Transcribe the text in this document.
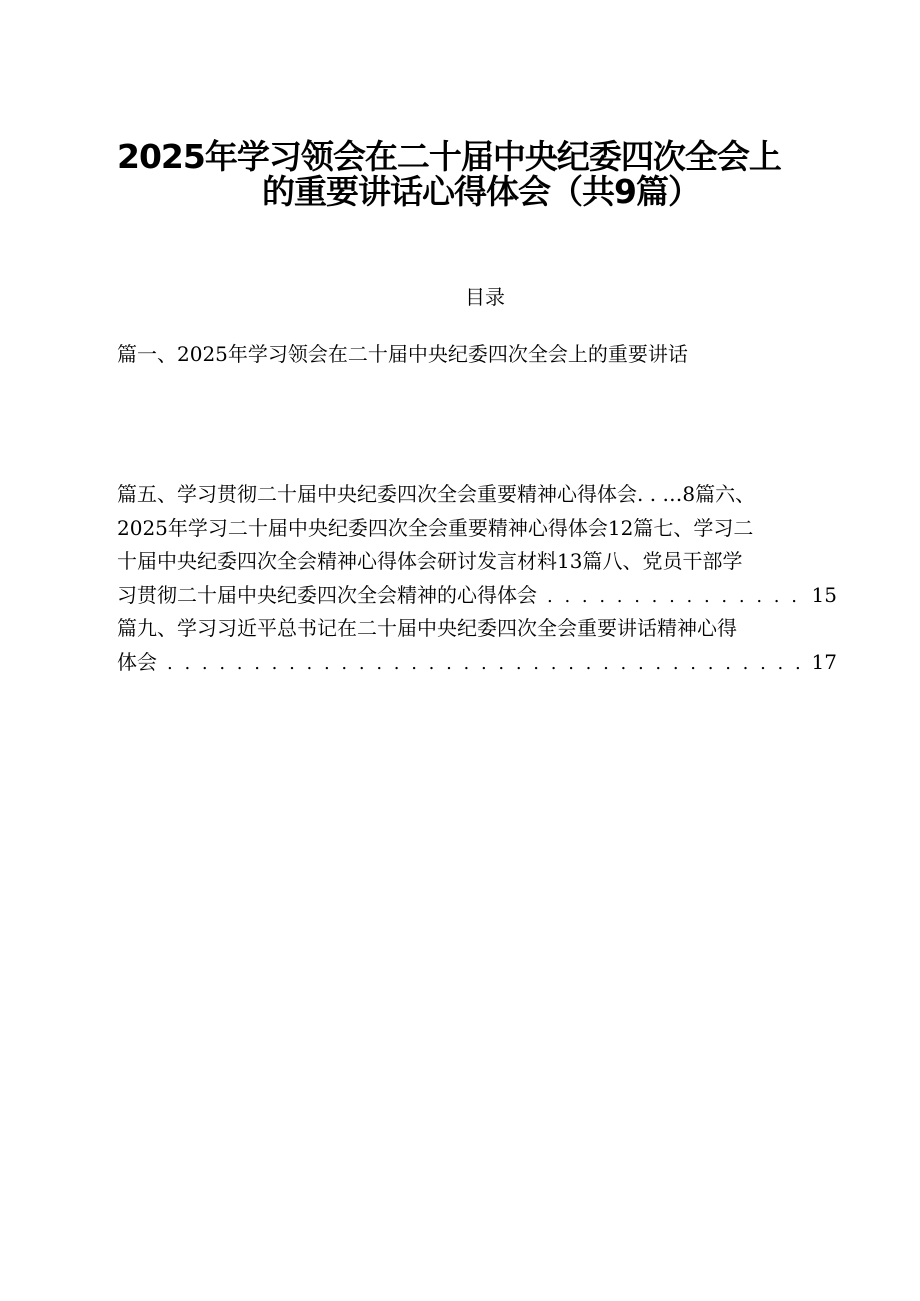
2025年学习领会在二十届中央纪委四次全会上
的重要讲话心得体会（共9篇）
目录
篇一、2025年学习领会在二十届中央纪委四次全会上的重要讲话
篇五、学习贯彻二十届中央纪委四次全会重要精神心得体会. . …8篇六、
2025年学习二十届中央纪委四次全会重要精神心得体会12篇七、学习二
十届中央纪委四次全会精神心得体会研讨发言材料13篇八、党员干部学
习贯彻二十届中央纪委四次全会精神的心得体会 . . .	15
篇九、学习习近平总书记在二十届中央纪委四次全会重要讲话精神心得
体会 . . .	17
